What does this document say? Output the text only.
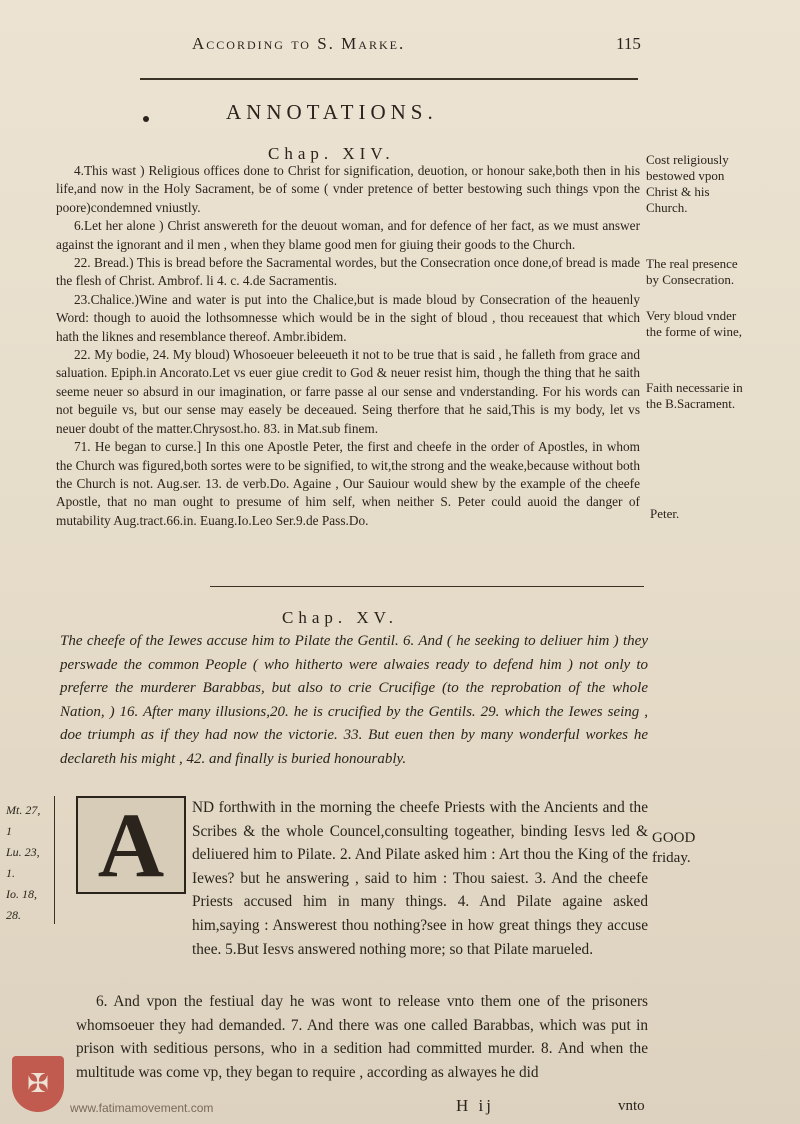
According to S. Marke.	115
ANNOTATIONS.
Chap. XIV.

4.This wast ) Religious offices done to Christ for signification, deuotion, or honour sake,both then in his life,and now in the Holy Sacrament, be of some ( vnder pretence of better bestowing such things vpon the poore)condemned vniustly.

6.Let her alone ) Christ answereth for the deuout woman, and for defence of her fact, as we must answer against the ignorant and il men , when they blame good men for giuing their goods to the Church.

22. Bread.) This is bread before the Sacramental wordes, but the Consecration once done,of bread is made the flesh of Christ. Ambrof. li 4. c. 4.de Sacramentis.

23.Chalice.)Wine and water is put into the Chalice,but is made bloud by Consecration of the heauenly Word: though to auoid the lothsomnesse which would be in the sight of bloud , thou receauest that which hath the liknes and resemblance thereof. Ambr.ibidem.

22. My bodie, 24. My bloud) Whosoeuer beleeueth it not to be true that is said , he falleth from grace and saluation. Epiph.in Ancorato.Let vs euer giue credit to God & neuer resist him, though the thing that he saith seeme neuer so absurd in our imagination, or farre passe al our sense and vnderstanding. For his words can not beguile vs, but our sense may easely be deceaued. Seing therfore that he said,This is my body, let vs neuer doubt of the matter.Chrysost.ho. 83. in Mat.sub finem.

71. He began to curse.] In this one Apostle Peter, the first and cheefe in the order of Apostles, in whom the Church was figured,both sortes were to be signified, to wit,the strong and the weake,because without both the Church is not. Aug.ser. 13. de verb.Do. Againe , Our Sauiour would shew by the example of the cheefe Apostle, that no man ought to presume of him self, when neither S. Peter could auoid the danger of mutability Aug.tract.66.in. Euang.Io.Leo Ser.9.de Pass.Do.

Cost religiously bestowed vpon Christ & his Church.
The real presence by Consecration.
Very bloud vnder the forme of wine,
Faith necessarie in the B.Sacrament.
Peter.
Chap. XV.
The cheefe of the Iewes accuse him to Pilate the Gentil. 6. And ( he seeking to deliuer him ) they perswade the common People ( who hitherto were alwaies ready to defend him ) not only to preferre the murderer Barabbas, but also to crie Crucifige (to the reprobation of the whole Nation, ) 16. After many illusions,20. he is crucified by the Gentils. 29. which the Iewes seing , doe triumph as if they had now the victorie. 33. But euen then by many wonderful workes he declareth his might , 42. and finally is buried honourably.
Mt. 27,
1
Lu. 23,
1.
Io. 18,
28.
A	ND forthwith in the morning the cheefe Priests with the Ancients and the Scribes & the whole Councel,consulting togeather, binding Iesvs led & deliuered him to Pilate. 2. And Pilate asked him : Art thou the King of the Iewes? but he answering , said to him : Thou saiest. 3. And the cheefe Priests accused him in many things. 4. And Pilate againe asked him,saying : Answerest thou nothing?see in how great things they accuse thee. 5.But Iesvs answered nothing more; so that Pilate marueled.

6. And vpon the festiual day he was wont to release vnto them one of the prisoners whomsoeuer they had demanded. 7. And there was one called Barabbas, which was put in prison with seditious persons, who in a sedition had committed murder. 8. And when the multitude was come vp, they began to require , according as alwayes he did

GOOD friday.
H ij	vnto
✠
www.fatimamovement.com
